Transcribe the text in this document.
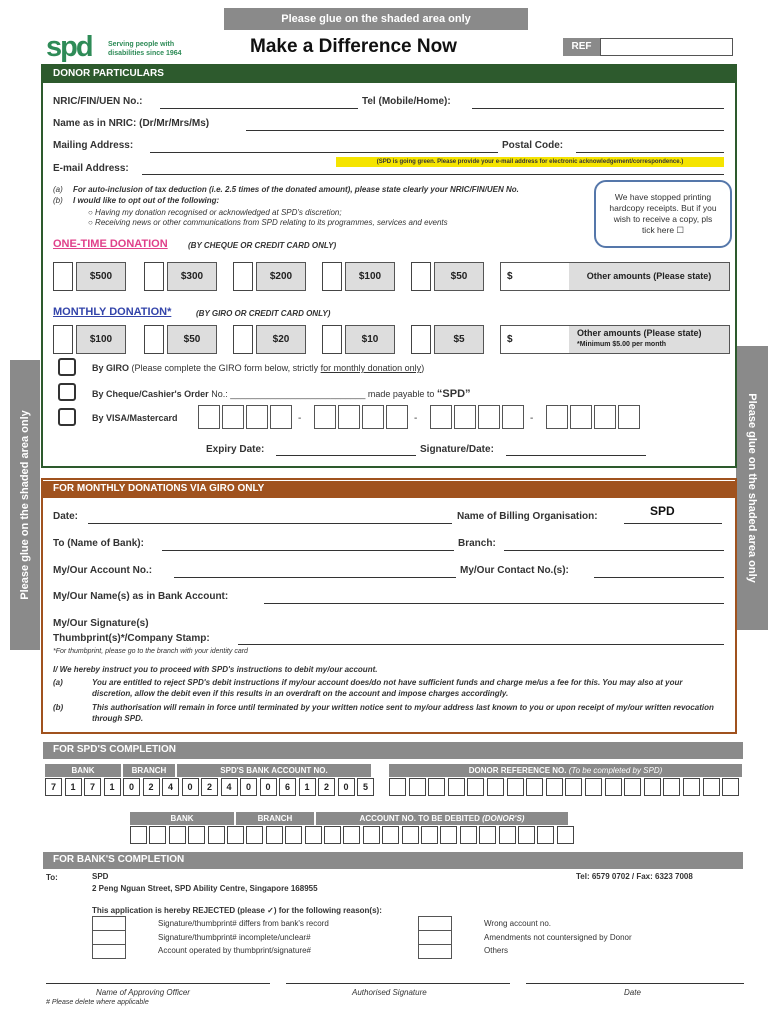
Please glue on the shaded area only
Please glue on the shaded area only	Please glue on the shaded area only
spd Serving people with
disabilities since 1964	Make a Difference Now	REF
DONOR PARTICULARS
NRIC/FIN/UEN No.:	Tel (Mobile/Home):
Name as in NRIC: (Dr/Mr/Mrs/Ms)
Mailing Address:	Postal Code:
E-mail Address:
(SPD is going green. Please provide your e-mail address for electronic acknowledgement/correspondence.)
(a) For auto-inclusion of tax deduction (i.e. 2.5 times of the donated amount), please state clearly your NRIC/FIN/UEN No.
(b) I would like to opt out of the following:
○ Having my donation recognised or acknowledged at SPD's discretion;
○ Receiving news or other communications from SPD relating to its programmes, services and events
We have stopped printing hardcopy receipts. But if you wish to receive a copy, pls tick here ☐
ONE-TIME DONATION	(BY CHEQUE OR CREDIT CARD ONLY)
$500	$300	$200	$100	$50	$	Other amounts (Please state)
MONTHLY DONATION*	(BY GIRO OR CREDIT CARD ONLY)
$100	$50	$20	$10	$5	$
Other amounts (Please state)
*Minimum $5.00 per month
By GIRO (Please complete the GIRO form below, strictly for monthly donation only)
By Cheque/Cashier's Order No.: ___________________________ made payable to “SPD”
By VISA/Mastercard	-	-	-
Expiry Date:	Signature/Date:
FOR MONTHLY DONATIONS VIA GIRO ONLY
Date:	Name of Billing Organisation:	SPD
To (Name of Bank):	Branch:
My/Our Account No.:	My/Our Contact No.(s):
My/Our Name(s) as in Bank Account:
My/Our Signature(s)
Thumbprint(s)*/Company Stamp:
*For thumbprint, please go to the branch with your identity card
I/ We hereby instruct you to proceed with SPD's instructions to debit my/our account.
(a)	You are entitled to reject SPD's debit instructions if my/our account does/do not have sufficient funds and charge me/us a fee for this. You may also at your discretion, allow the debit even if this results in an overdraft on the account and impose charges accordingly.
(b)	This authorisation will remain in force until terminated by your written notice sent to my/our address last known to you or upon receipt of my/our written revocation through SPD.
FOR SPD'S COMPLETION
BANK	BRANCH	SPD'S BANK ACCOUNT NO.	DONOR REFERENCE NO. (To be completed by SPD)
7	1	7	1	0	2	4	0	2	4	0	0	6	1	2	0	5
BANK	BRANCH	ACCOUNT NO. TO BE DEBITED (DONOR'S)
FOR BANK'S COMPLETION
To:	SPD
2 Peng Nguan Street, SPD Ability Centre, Singapore 168955
Tel: 6579 0702 / Fax: 6323 7008
This application is hereby REJECTED (please ✓) for the following reason(s):
Signature/thumbprint# differs from bank's record
Signature/thumbprint# incomplete/unclear#
Account operated by thumbprint/signature#
Wrong account no.
Amendments not countersigned by Donor
Others
Name of Approving Officer	Authorised Signature	Date
# Please delete where applicable
